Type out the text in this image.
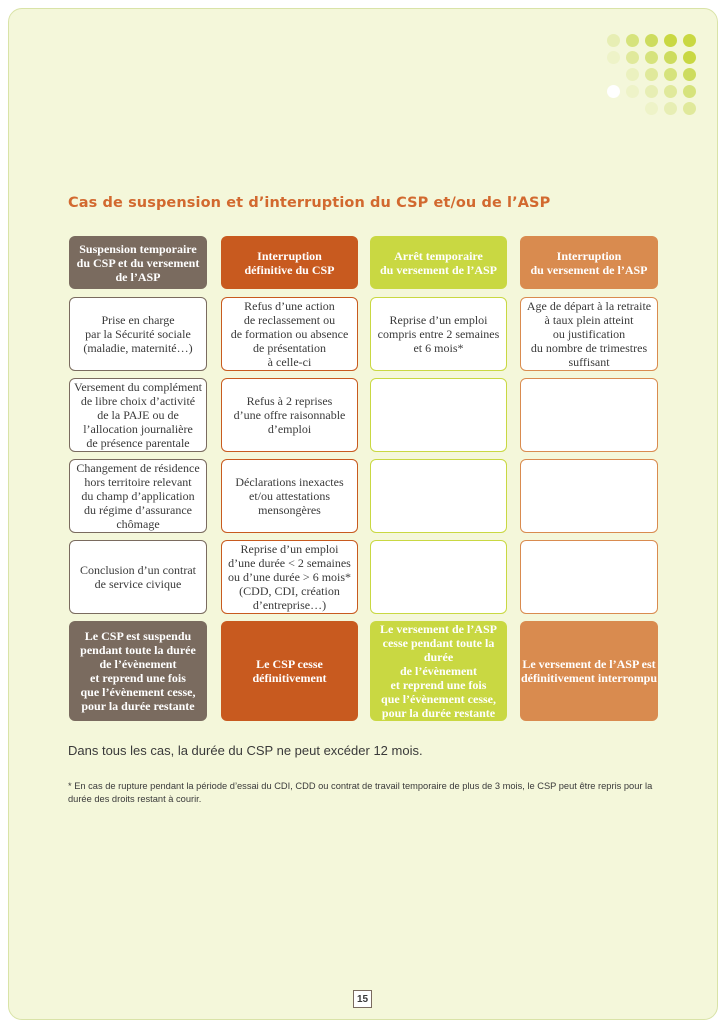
Cas de suspension et d’interruption du CSP et/ou de l’ASP
Suspension temporaire
du CSP et du versement
de l’ASP
Prise en charge
par la Sécurité sociale
(maladie, maternité…)
Versement du complément
de libre choix d’activité
de la PAJE ou de
l’allocation journalière
de présence parentale
Changement de résidence
hors territoire relevant
du champ d’application
du régime d’assurance
chômage
Conclusion d’un contrat
de service civique
Le CSP est suspendu
pendant toute la durée
de l’évènement
et reprend une fois
que l’évènement cesse,
pour la durée restante
Interruption
définitive du CSP
Refus d’une action
de reclassement ou
de formation ou absence
de présentation
à celle-ci
Refus à 2 reprises
d’une offre raisonnable
d’emploi
Déclarations inexactes
et/ou attestations
mensongères
Reprise d’un emploi
d’une durée < 2 semaines
ou d’une durée > 6 mois*
(CDD, CDI, création
d’entreprise…)
Le CSP cesse
définitivement
Arrêt temporaire
du versement de l’ASP
Reprise d’un emploi
compris entre 2 semaines
et 6 mois*
Le versement de l’ASP
cesse pendant toute la durée
de l’évènement
et reprend une fois
que l’évènement cesse,
pour la durée restante
Interruption
du versement de l’ASP
Age de départ à la retraite
à taux plein atteint
ou justification
du nombre de trimestres
suffisant
Le versement de l’ASP est
définitivement interrompu
Dans tous les cas, la durée du CSP ne peut excéder 12 mois.
* En cas de rupture pendant la période d’essai du CDI, CDD ou contrat de travail temporaire de plus de 3 mois, le CSP peut être repris pour la durée des droits restant à courir.
15
